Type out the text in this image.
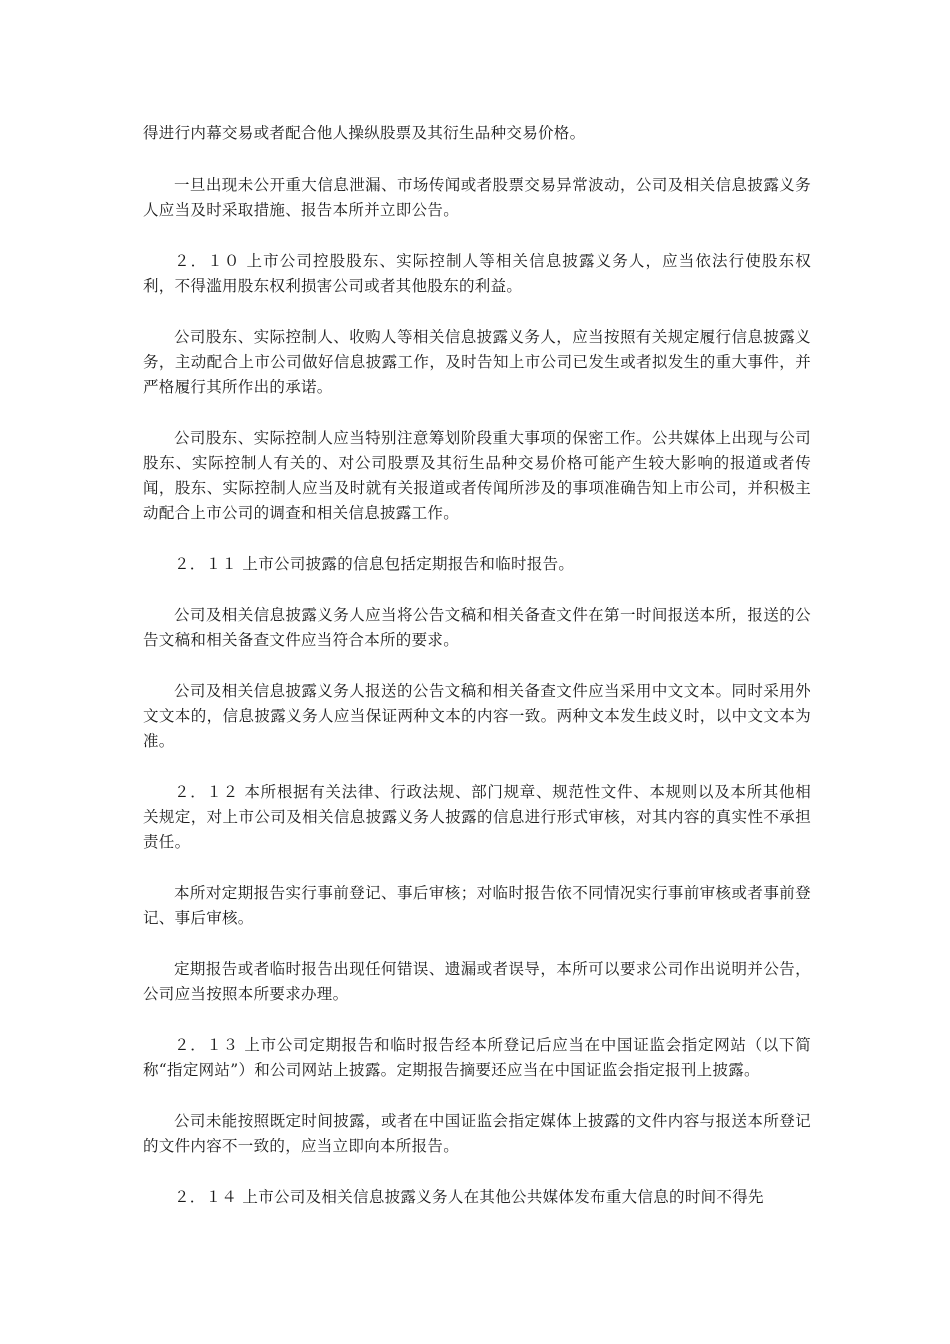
得进行内幕交易或者配合他人操纵股票及其衍生品种交易价格。

一旦出现未公开重大信息泄漏、市场传闻或者股票交易异常波动，公司及相关信息披露义务人应当及时采取措施、报告本所并立即公告。

２．１０ 上市公司控股股东、实际控制人等相关信息披露义务人，应当依法行使股东权利，不得滥用股东权利损害公司或者其他股东的利益。

公司股东、实际控制人、收购人等相关信息披露义务人，应当按照有关规定履行信息披露义务，主动配合上市公司做好信息披露工作，及时告知上市公司已发生或者拟发生的重大事件，并严格履行其所作出的承诺。

公司股东、实际控制人应当特别注意筹划阶段重大事项的保密工作。公共媒体上出现与公司股东、实际控制人有关的、对公司股票及其衍生品种交易价格可能产生较大影响的报道或者传闻，股东、实际控制人应当及时就有关报道或者传闻所涉及的事项准确告知上市公司，并积极主动配合上市公司的调查和相关信息披露工作。

２．１１ 上市公司披露的信息包括定期报告和临时报告。

公司及相关信息披露义务人应当将公告文稿和相关备查文件在第一时间报送本所，报送的公告文稿和相关备查文件应当符合本所的要求。

公司及相关信息披露义务人报送的公告文稿和相关备查文件应当采用中文文本。同时采用外文文本的，信息披露义务人应当保证两种文本的内容一致。两种文本发生歧义时，以中文文本为准。

２．１２ 本所根据有关法律、行政法规、部门规章、规范性文件、本规则以及本所其他相关规定，对上市公司及相关信息披露义务人披露的信息进行形式审核，对其内容的真实性不承担责任。

本所对定期报告实行事前登记、事后审核；对临时报告依不同情况实行事前审核或者事前登记、事后审核。

定期报告或者临时报告出现任何错误、遗漏或者误导，本所可以要求公司作出说明并公告，公司应当按照本所要求办理。

２．１３ 上市公司定期报告和临时报告经本所登记后应当在中国证监会指定网站（以下简称“指定网站”）和公司网站上披露。定期报告摘要还应当在中国证监会指定报刊上披露。

公司未能按照既定时间披露，或者在中国证监会指定媒体上披露的文件内容与报送本所登记的文件内容不一致的，应当立即向本所报告。

２．１４ 上市公司及相关信息披露义务人在其他公共媒体发布重大信息的时间不得先
